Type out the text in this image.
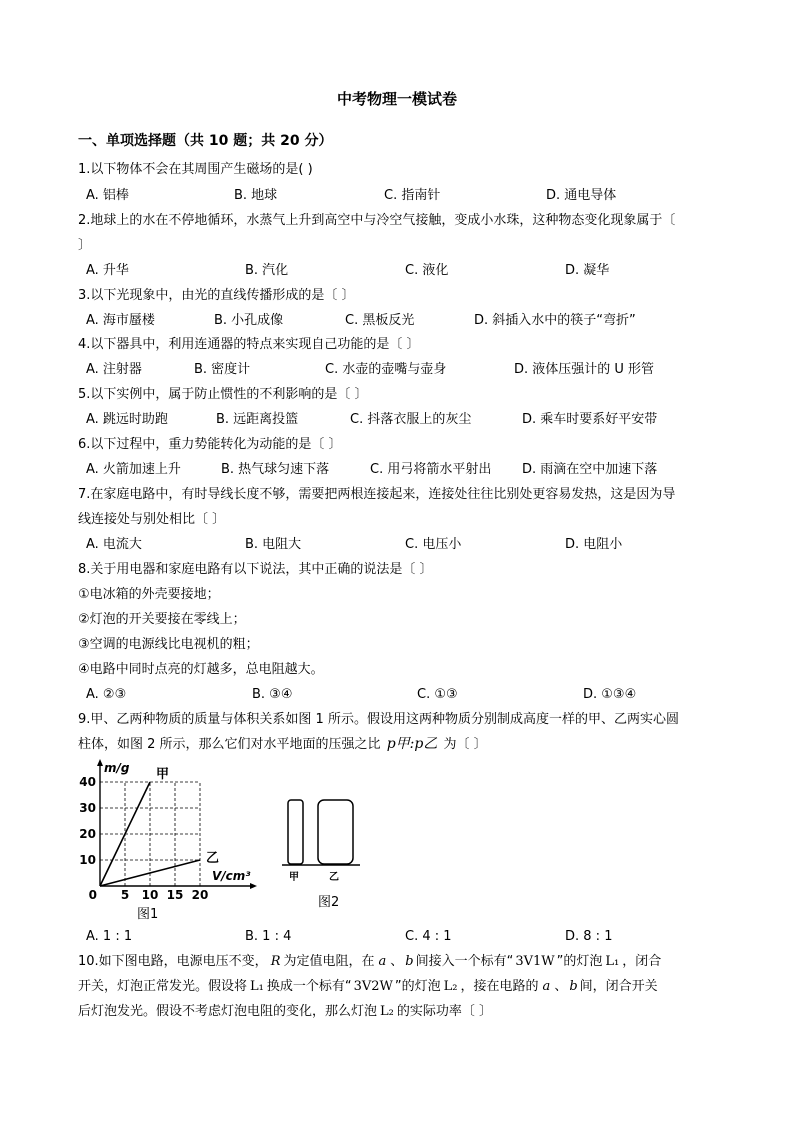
中考物理一模试卷
一、单项选择题（共 10 题；共 20 分）
1.以下物体不会在其周围产生磁场的是( )
A. 铝棒	B. 地球	C. 指南针	D. 通电导体
2.地球上的水在不停地循环，水蒸气上升到高空中与冷空气接触，变成小水珠，这种物态变化现象属于〔
〕
A. 升华	B. 汽化	C. 液化	D. 凝华
3.以下光现象中，由光的直线传播形成的是〔 〕
A. 海市蜃楼	B. 小孔成像	C. 黑板反光	D. 斜插入水中的筷子“弯折”
4.以下器具中，利用连通器的特点来实现自己功能的是〔 〕
A. 注射器	B. 密度计	C. 水壶的壶嘴与壶身	D. 液体压强计的 U 形管
5.以下实例中，属于防止惯性的不利影响的是〔 〕
A. 跳远时助跑	B. 远距离投篮	C. 抖落衣服上的灰尘	D. 乘车时要系好平安带
6.以下过程中，重力势能转化为动能的是〔 〕
A. 火箭加速上升	B. 热气球匀速下落	C. 用弓将箭水平射出 D. 雨滴在空中加速下落
7.在家庭电路中，有时导线长度不够，需要把两根连接起来，连接处往往比别处更容易发热，这是因为导
线连接处与别处相比〔 〕
A. 电流大	B. 电阻大	C. 电压小	D. 电阻小
8.关于用电器和家庭电路有以下说法，其中正确的说法是〔 〕
①电冰箱的外壳要接地；
②灯泡的开关要接在零线上；
③空调的电源线比电视机的粗；
④电路中同时点亮的灯越多，总电阻越大。
A. ②③	B. ③④	C. ①③	D. ①③④
9.甲、乙两种物质的质量与体积关系如图 1 所示。假设用这两种物质分别制成高度一样的甲、乙两实心圆
柱体，如图 2 所示，那么它们对水平地面的压强之比 p甲:p乙 为〔 〕
5 10 15 20
10
20
30
40
0
m/g
V/cm³
甲
乙
图1
甲	乙
图2
A. 1 : 1	B. 1 : 4	C. 4 : 1	D. 8 : 1
10.如下图电路，电源电压不变， R 为定值电阻，在 a 、 b 间接入一个标有“ 3V1W ”的灯泡 L₁ ，闭合
开关，灯泡正常发光。假设将 L₁ 换成一个标有“ 3V2W ”的灯泡 L₂ ，接在电路的 a 、 b 间，闭合开关
后灯泡发光。假设不考虑灯泡电阻的变化，那么灯泡 L₂ 的实际功率〔 〕
